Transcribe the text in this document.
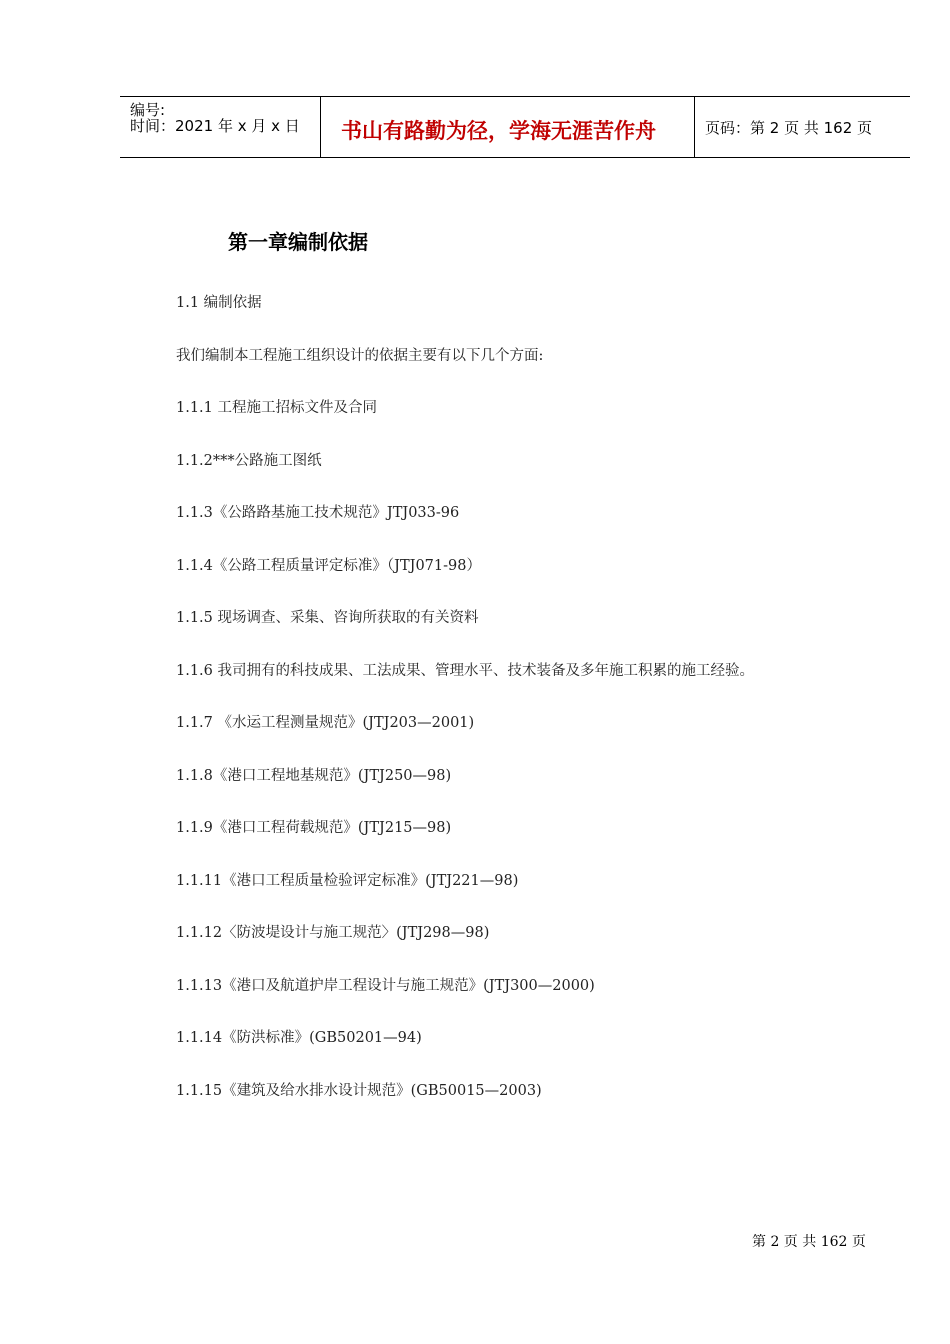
编号:
时间：2021 年 x 月 x 日 书山有路勤为径，学海无涯苦作舟	页码：第 2 页 共 162 页
第一章编制依据
1.1 编制依据
我们编制本工程施工组织设计的依据主要有以下几个方面:
1.1.1 工程施工招标文件及合同
1.1.2***公路施工图纸
1.1.3《公路路基施工技术规范》JTJ033-96
1.1.4《公路工程质量评定标准》（JTJ071-98）
1.1.5 现场调查、采集、咨询所获取的有关资料
1.1.6 我司拥有的科技成果、工法成果、管理水平、技术装备及多年施工积累的施工经验。
1.1.7 《水运工程测量规范》(JTJ203—2001)
1.1.8《港口工程地基规范》(JTJ250—98)
1.1.9《港口工程荷载规范》(JTJ215—98)
1.1.11《港口工程质量检验评定标准》(JTJ221—98)
1.1.12〈防波堤设计与施工规范〉(JTJ298—98)
1.1.13《港口及航道护岸工程设计与施工规范》(JTJ300—2000)
1.1.14《防洪标准》(GB50201—94)
1.1.15《建筑及给水排水设计规范》(GB50015—2003)
第 2 页 共 162 页
